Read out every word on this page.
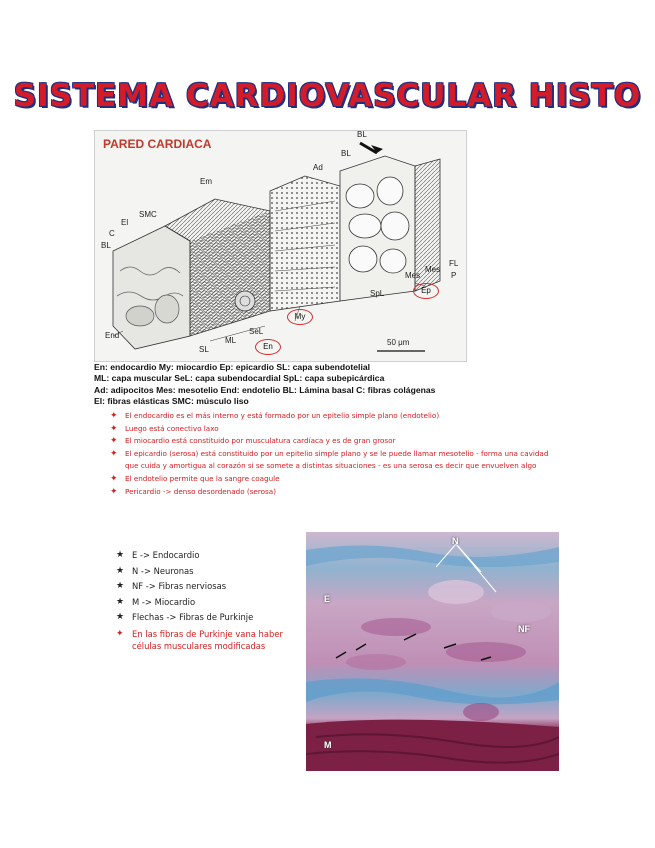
SISTEMA CARDIOVASCULAR HISTO
PARED CARDIACA
BL
BL
Ad
Em
SMC
El
C
BL
End
ML
SL
SeL
My
En
Mes
Ep
FL
Mes
P
SpL
50 μm
En: endocardio My: miocardio Ep: epicardio SL: capa subendotelial
ML: capa muscular SeL: capa subendocardial SpL: capa subepicárdica
Ad: adipocitos Mes: mesotelio End: endotelio BL: Lámina basal C: fibras colágenas
El: fibras elásticas SMC: músculo liso
✦ El endocardio es el más interno y está formado por un epitelio simple plano (endotelio)
✦ Luego está conectivo laxo
✦ El miocardio está constituido por musculatura cardíaca y es de gran grosor
✦ El epicardio (serosa) está constituido por un epitelio simple plano y se le puede llamar mesotelio - forma una cavidad que cuida y amortigua al corazón si se somete a distintas situaciones - es una serosa es decir que envuelven algo
✦ El endotelio permite que la sangre coagule
✦ Pericardio -> denso desordenado (serosa)
★ E -> Endocardio
★ N -> Neuronas
★ NF -> Fibras nerviosas
★ M -> Miocardio
★ Flechas -> Fibras de Purkinje
✦ En las fibras de Purkinje vana haber células musculares modificadas
N
E
NF
M
